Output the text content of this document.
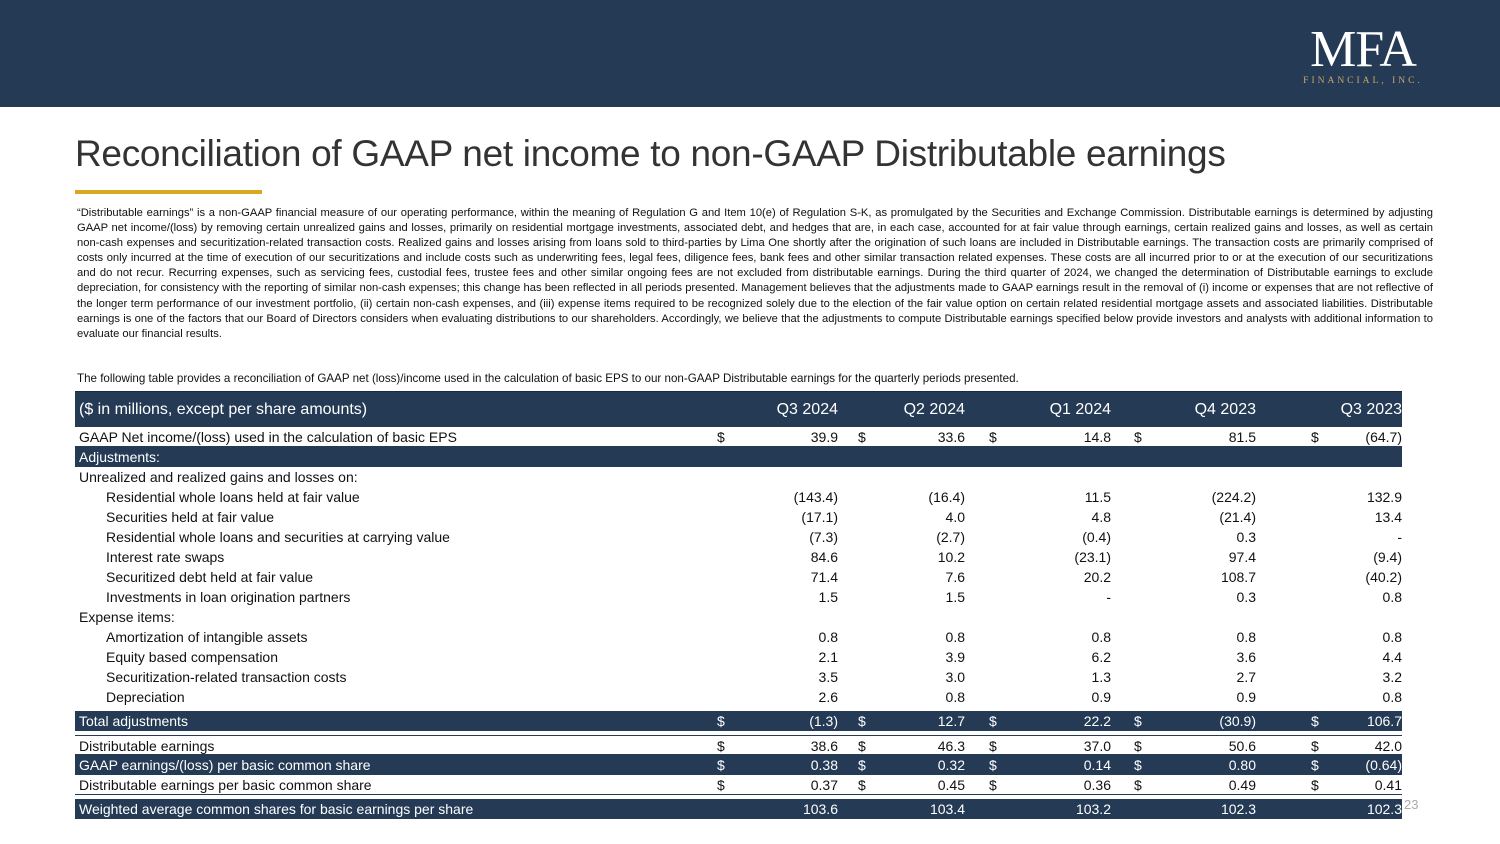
MFA
FINANCIAL, INC.
Reconciliation of GAAP net income to non-GAAP Distributable earnings

“Distributable earnings” is a non-GAAP financial measure of our operating performance, within the meaning of Regulation G and Item 10(e) of Regulation S-K, as promulgated by the Securities and Exchange Commission. Distributable earnings is determined by adjusting GAAP net income/(loss) by removing certain unrealized gains and losses, primarily on residential mortgage investments, associated debt, and hedges that are, in each case, accounted for at fair value through earnings, certain realized gains and losses, as well as certain non-cash expenses and securitization-related transaction costs. Realized gains and losses arising from loans sold to third-parties by Lima One shortly after the origination of such loans are included in Distributable earnings. The transaction costs are primarily comprised of costs only incurred at the time of execution of our securitizations and include costs such as underwriting fees, legal fees, diligence fees, bank fees and other similar transaction related expenses. These costs are all incurred prior to or at the execution of our securitizations and do not recur. Recurring expenses, such as servicing fees, custodial fees, trustee fees and other similar ongoing fees are not excluded from distributable earnings. During the third quarter of 2024, we changed the determination of Distributable earnings to exclude depreciation, for consistency with the reporting of similar non-cash expenses; this change has been reflected in all periods presented. Management believes that the adjustments made to GAAP earnings result in the removal of (i) income or expenses that are not reflective of the longer term performance of our investment portfolio, (ii) certain non-cash expenses, and (iii) expense items required to be recognized solely due to the election of the fair value option on certain related residential mortgage assets and associated liabilities. Distributable earnings is one of the factors that our Board of Directors considers when evaluating distributions to our shareholders. Accordingly, we believe that the adjustments to compute Distributable earnings specified below provide investors and analysts with additional information to evaluate our financial results.

The following table provides a reconciliation of GAAP net (loss)/income used in the calculation of basic EPS to our non-GAAP Distributable earnings for the quarterly periods presented.

($ in millions, except per share amounts)	Q3 2024	Q2 2024	Q1 2024	Q4 2023	Q3 2023
GAAP Net income/(loss) used in the calculation of basic EPS	$	39.9 $	33.6 $	14.8 $	81.5	$	(64.7)
Adjustments:
Unrealized and realized gains and losses on:
Residential whole loans held at fair value	(143.4)	(16.4)	11.5	(224.2)	132.9
Securities held at fair value	(17.1)	4.0	4.8	(21.4)	13.4
Residential whole loans and securities at carrying value	(7.3)	(2.7)	(0.4)	0.3	-
Interest rate swaps	84.6	10.2	(23.1)	97.4	(9.4)
Securitized debt held at fair value	71.4	7.6	20.2	108.7	(40.2)
Investments in loan origination partners	1.5	1.5	-	0.3	0.8
Expense items:
Amortization of intangible assets	0.8	0.8	0.8	0.8	0.8
Equity based compensation	2.1	3.9	6.2	3.6	4.4
Securitization-related transaction costs	3.5	3.0	1.3	2.7	3.2
Depreciation	2.6	0.8	0.9	0.9	0.8
Total adjustments	$	(1.3) $	12.7 $	22.2 $	(30.9)	$	106.7
Distributable earnings	$	38.6 $	46.3 $	37.0 $	50.6	$	42.0
GAAP earnings/(loss) per basic common share	$	0.38 $	0.32 $	0.14 $	0.80	$	(0.64)
Distributable earnings per basic common share	$	0.37 $	0.45 $	0.36 $	0.49	$	0.41
Weighted average common shares for basic earnings per share	103.6	103.4	103.2	102.3	102.3 23
